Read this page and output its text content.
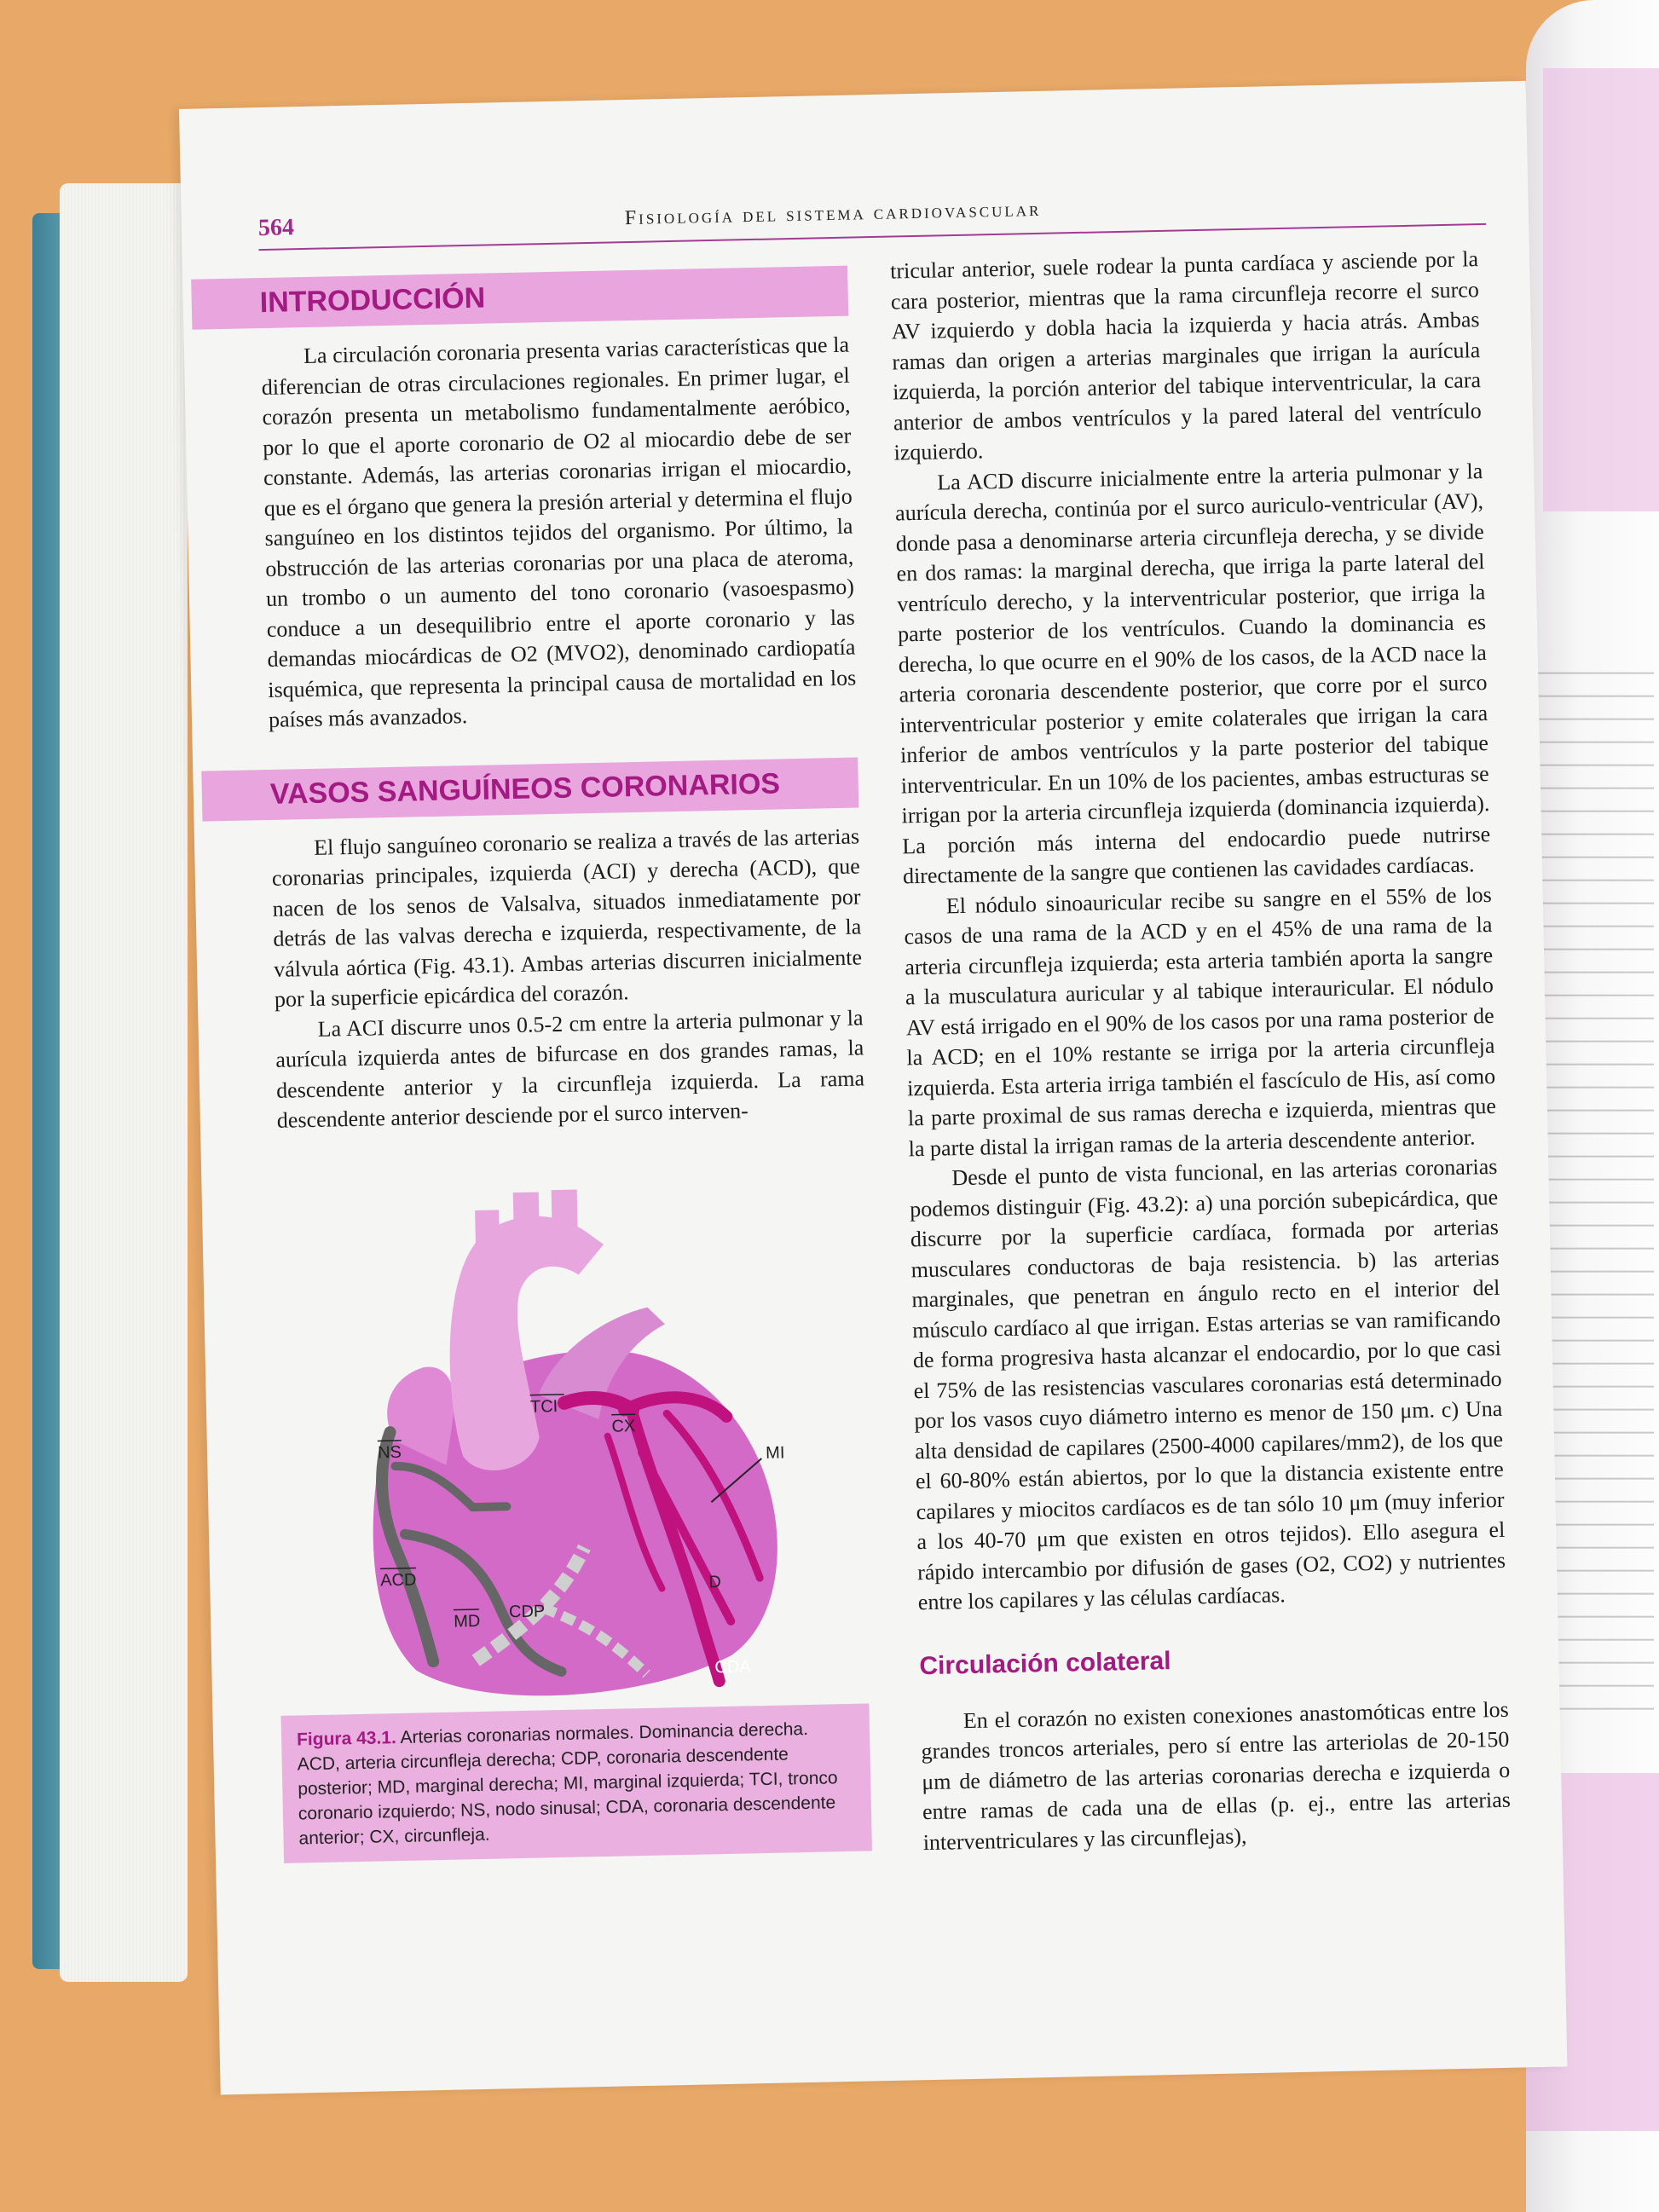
564	Fisiología del sistema cardiovascular
INTRODUCCIÓN

La circulación coronaria presenta varias características que la diferencian de otras circulaciones regionales. En primer lugar, el corazón presenta un metabolismo fundamentalmente aeróbico, por lo que el aporte coronario de O2 al miocardio debe de ser constante. Además, las arterias coronarias irrigan el miocardio, que es el órgano que genera la presión arterial y determina el flujo sanguíneo en los distintos tejidos del organismo. Por último, la obstrucción de las arterias coronarias por una placa de ateroma, un trombo o un aumento del tono coronario (vasoespasmo) conduce a un desequilibrio entre el aporte coronario y las demandas miocárdicas de O2 (MVO2), denominado cardiopatía isquémica, que representa la principal causa de mortalidad en los países más avanzados.

VASOS SANGUÍNEOS CORONARIOS

El flujo sanguíneo coronario se realiza a través de las arterias coronarias principales, izquierda (ACI) y derecha (ACD), que nacen de los senos de Valsalva, situados inmediatamente por detrás de las valvas derecha e izquierda, respectivamente, de la válvula aórtica (Fig. 43.1). Ambas arterias discurren inicialmente por la superficie epicárdica del corazón.

La ACI discurre unos 0.5-2 cm entre la arteria pulmonar y la aurícula izquierda antes de bifurcase en dos grandes ramas, la descendente anterior y la circunfleja izquierda. La rama descendente anterior desciende por el surco interven-

TCI
CX
NS	MI
ACD
MD
CDP
D
CDA
Figura 43.1. Arterias coronarias normales. Dominancia derecha. ACD, arteria circunfleja derecha; CDP, coronaria descendente posterior; MD, marginal derecha; MI, marginal izquierda; TCI, tronco coronario izquierdo; NS, nodo sinusal; CDA, coronaria descendente anterior; CX, circunfleja.

tricular anterior, suele rodear la punta cardíaca y asciende por la cara posterior, mientras que la rama circunfleja recorre el surco AV izquierdo y dobla hacia la izquierda y hacia atrás. Ambas ramas dan origen a arterias marginales que irrigan la aurícula izquierda, la porción anterior del tabique interventricular, la cara anterior de ambos ventrículos y la pared lateral del ventrículo izquierdo.

La ACD discurre inicialmente entre la arteria pulmonar y la aurícula derecha, continúa por el surco auriculo-ventricular (AV), donde pasa a denominarse arteria circunfleja derecha, y se divide en dos ramas: la marginal derecha, que irriga la parte lateral del ventrículo derecho, y la interventricular posterior, que irriga la parte posterior de los ventrículos. Cuando la dominancia es derecha, lo que ocurre en el 90% de los casos, de la ACD nace la arteria coronaria descendente posterior, que corre por el surco interventricular posterior y emite colaterales que irrigan la cara inferior de ambos ventrículos y la parte posterior del tabique interventricular. En un 10% de los pacientes, ambas estructuras se irrigan por la arteria circunfleja izquierda (dominancia izquierda). La porción más interna del endocardio puede nutrirse directamente de la sangre que contienen las cavidades cardíacas.

El nódulo sinoauricular recibe su sangre en el 55% de los casos de una rama de la ACD y en el 45% de una rama de la arteria circunfleja izquierda; esta arteria también aporta la sangre a la musculatura auricular y al tabique interauricular. El nódulo AV está irrigado en el 90% de los casos por una rama posterior de la ACD; en el 10% restante se irriga por la arteria circunfleja izquierda. Esta arteria irriga también el fascículo de His, así como la parte proximal de sus ramas derecha e izquierda, mientras que la parte distal la irrigan ramas de la arteria descendente anterior.

Desde el punto de vista funcional, en las arterias coronarias podemos distinguir (Fig. 43.2): a) una porción subepicárdica, que discurre por la superficie cardíaca, formada por arterias musculares conductoras de baja resistencia. b) las arterias marginales, que penetran en ángulo recto en el interior del músculo cardíaco al que irrigan. Estas arterias se van ramificando de forma progresiva hasta alcanzar el endocardio, por lo que casi el 75% de las resistencias vasculares coronarias está determinado por los vasos cuyo diámetro interno es menor de 150 μm. c) Una alta densidad de capilares (2500-4000 capilares/mm2), de los que el 60-80% están abiertos, por lo que la distancia existente entre capilares y miocitos cardíacos es de tan sólo 10 μm (muy inferior a los 40-70 μm que existen en otros tejidos). Ello asegura el rápido intercambio por difusión de gases (O2, CO2) y nutrientes entre los capilares y las células cardíacas.

Circulación colateral

En el corazón no existen conexiones anastomóticas entre los grandes troncos arteriales, pero sí entre las arteriolas de 20-150 μm de diámetro de las arterias coronarias derecha e izquierda o entre ramas de cada una de ellas (p. ej., entre las arterias interventriculares y las circunflejas),
